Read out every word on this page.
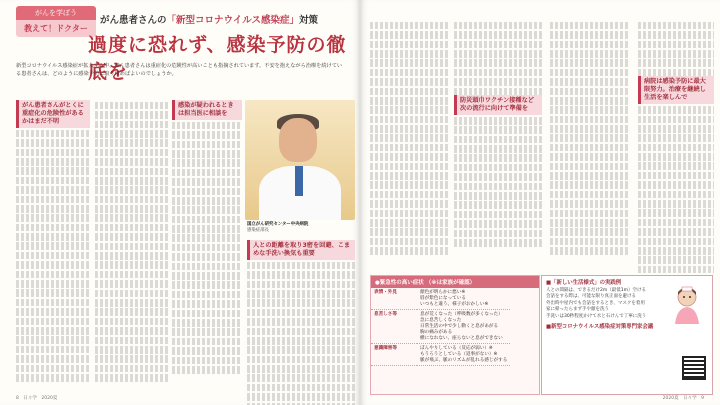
がんを学ぼう
教えて！ドクター
がん患者さんの「新型コロナウイルス感染症」対策
過度に恐れず、感染予防の徹底を
新型コロナウイルス感染症が拡大する中、がん患者さんは重症化の危険性が高いことも指摘されています。不安を抱えながら治療を続けている患者さんは、どのように感染予防に取り組めばよいのでしょうか。
がん患者さんがとくに重症化の危険性があるかはまだ不明
感染が疑われるときは担当医に相談を
国立がん研究センター中央病院
感染症部長
人との距離を取り3密を回避、こまめな手洗い換気も重要
8　日々学　2020夏
防災頭巾ワクチン接種など次の流行に向けて準備を
病院は感染予防に最大限努力。治療を継続し生活を楽しんで
●緊急性の高い症状 （※は家族が確認）
表情・外見	顔色が明らかに悪い※
唇が紫色になっている
いつもと違う、様子がおかしい※

息苦しさ等	息が荒くなった（呼吸数が多くなった）
急に息苦しくなった
日常生活の中で少し動くと息があがる
胸の痛みがある
横になれない、座らないと息ができない

意識障害等	ぼんやりしている（反応が弱い）※
もうろうとしている（返事がない）※
脈が飛ぶ、脈のリズムが乱れる感じがする
2020夏　日々学　9
■「新しい生活様式」の実践例
人との間隔は、できるだけ2m（最低1m）空ける
会話をする際は、可能な限り真正面を避ける
外出時や屋内でも会話をするとき、マスクを着用
家に帰ったらまず手や顔を洗う
手洗いは30秒程度かけて水と石けんで丁寧に洗う
■新型コロナウイルス感染症対策専門家会議
